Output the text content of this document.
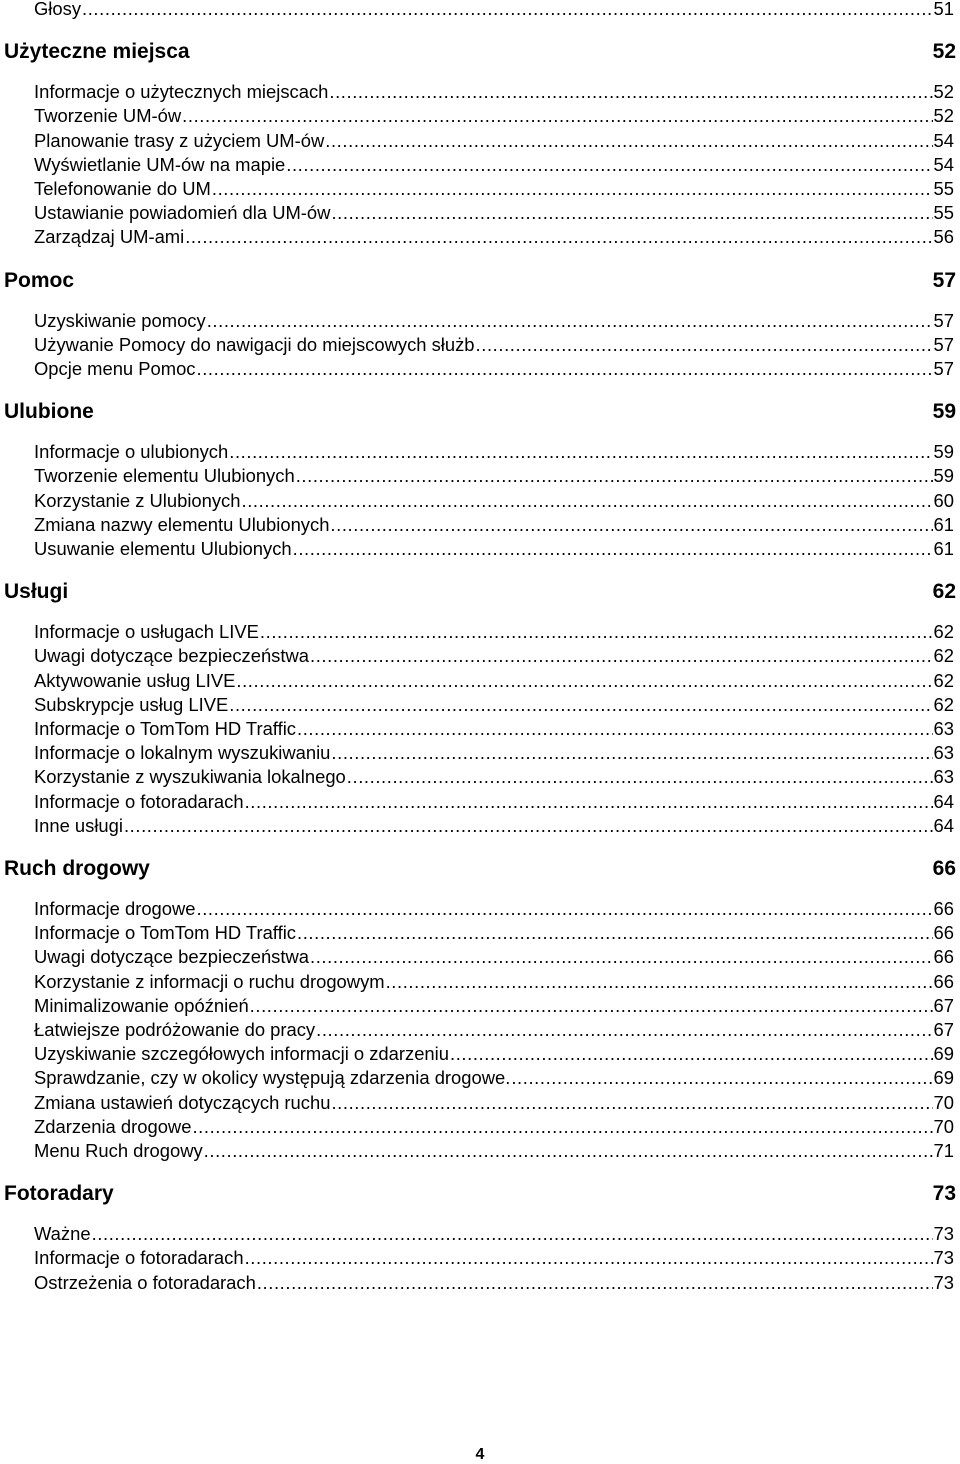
Głosy .....	51
Użyteczne miejsca	52
Informacje o użytecznych miejscach .....	52
Tworzenie UM-ów .....	52
Planowanie trasy z użyciem UM-ów .....	54
Wyświetlanie UM-ów na mapie .....	54
Telefonowanie do UM .....	55
Ustawianie powiadomień dla UM-ów .....	55
Zarządzaj UM-ami .....	56
Pomoc	57
Uzyskiwanie pomocy .....	57
Używanie Pomocy do nawigacji do miejscowych służb .....	57
Opcje menu Pomoc .....	57
Ulubione	59
Informacje o ulubionych .....	59
Tworzenie elementu Ulubionych .....	59
Korzystanie z Ulubionych .....	60
Zmiana nazwy elementu Ulubionych .....	61
Usuwanie elementu Ulubionych .....	61
Usługi	62
Informacje o usługach LIVE .....	62
Uwagi dotyczące bezpieczeństwa .....	62
Aktywowanie usług LIVE .....	62
Subskrypcje usług LIVE .....	62
Informacje o TomTom HD Traffic .....	63
Informacje o lokalnym wyszukiwaniu .....	63
Korzystanie z wyszukiwania lokalnego .....	63
Informacje o fotoradarach .....	64
Inne usługi .....	64
Ruch drogowy	66
Informacje drogowe .....	66
Informacje o TomTom HD Traffic .....	66
Uwagi dotyczące bezpieczeństwa .....	66
Korzystanie z informacji o ruchu drogowym .....	66
Minimalizowanie opóźnień .....	67
Łatwiejsze podróżowanie do pracy .....	67
Uzyskiwanie szczegółowych informacji o zdarzeniu .....	69
Sprawdzanie, czy w okolicy występują zdarzenia drogowe. .....	69
Zmiana ustawień dotyczących ruchu .....	70
Zdarzenia drogowe .....	70
Menu Ruch drogowy .....	71
Fotoradary	73
Ważne .....	73
Informacje o fotoradarach .....	73
Ostrzeżenia o fotoradarach .....	73
4
